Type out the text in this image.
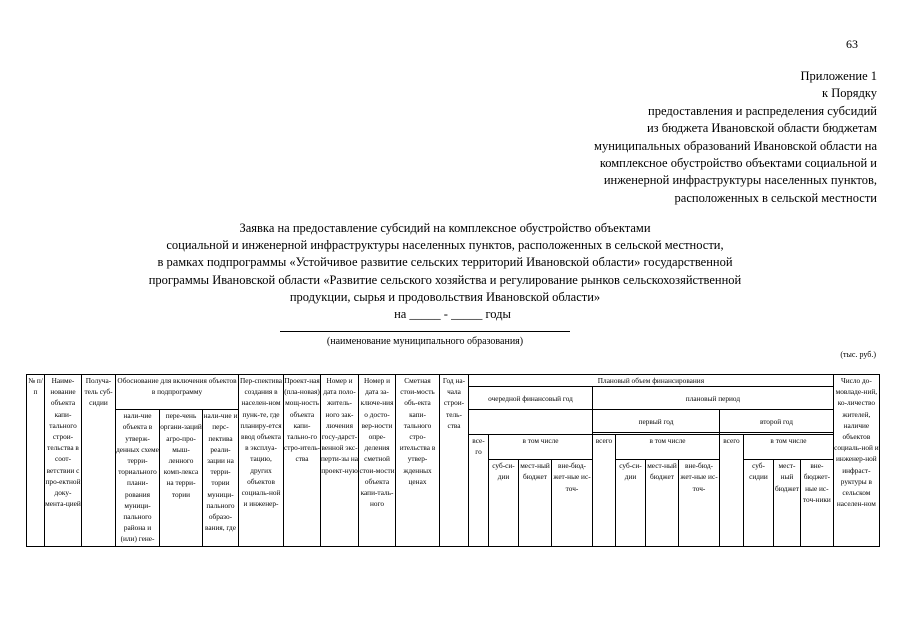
63
Приложение 1
к Порядку
предоставления и распределения субсидий
из бюджета Ивановской области бюджетам
муниципальных образований Ивановской области на
комплексное обустройство объектами социальной и
инженерной инфраструктуры населенных пунктов,
расположенных в сельской местности
Заявка на предоставление субсидий на комплексное обустройство объектами
социальной и инженерной инфраструктуры населенных пунктов, расположенных в сельской местности,
в рамках подпрограммы «Устойчивое развитие сельских территорий Ивановской области» государственной
программы Ивановской области «Развитие сельского хозяйства и регулирование рынков сельскохозяйственной
продукции, сырья и продовольствия Ивановской области»
на _____ - _____ годы
(наименование муниципального образования)
(тыс. руб.)
№ п/п	Наиме-нование объекта капи-тального строи-тельства в соот-ветствии с про-ектной доку-мента-цией	Получа-тель суб-сидии	Обоснование для включения объектов в подпрограмму			Пер-спектива создания в населен-ном пунк-те, где планиру-ется ввод объекта в эксплуа-тацию, других объектов социаль-ной и инженер-	Проект-ная (пла-новая) мощ-ность объекта капи-тально-го стро-итель-ства	Номер и дата поло-житель-ного зак-лючения госу-дарст-венной экс-перти-зы на проект-ную	Номер и дата за-ключе-ния о досто-вер-ности опре-деления сметной стои-мости объекта капи-таль-ного	Сметная стои-мость объ-екта капи-тального стро-ительства в утвер-жденных ценах	Год на-чала строи-тель-ства	Плановый объем финансирования												Число до-мовладе-ний, ко-личество жителей, наличие объектов социаль-ной и инженер-ной инфраст-руктуры в сельском населен-ном

												очередной финансовый год				плановый период								

			нали-чие объекта в утверж-денных схеме терри-ториального плани-рования муници-пального района и (или) гене-	пере-чень органи-заций агро-про-мыш-ленного комп-лекса на терри-тории	нали-чие и перс-пектива реали-зации на терри-тории муници-пального образо-вания, где											первый год				второй год				

												все-го	в том числе			всего	в том числе			всего	в том числе			
													суб-си-дии	мест-ный бюджет	вне-бюд-жет-ные ис-точ-		суб-си-дии	мест-ный бюджет	вне-бюд-жет-ные ис-точ-		суб-сидии	мест-ный бюджет	вне-бюджет-ные ис-точ-ники	
